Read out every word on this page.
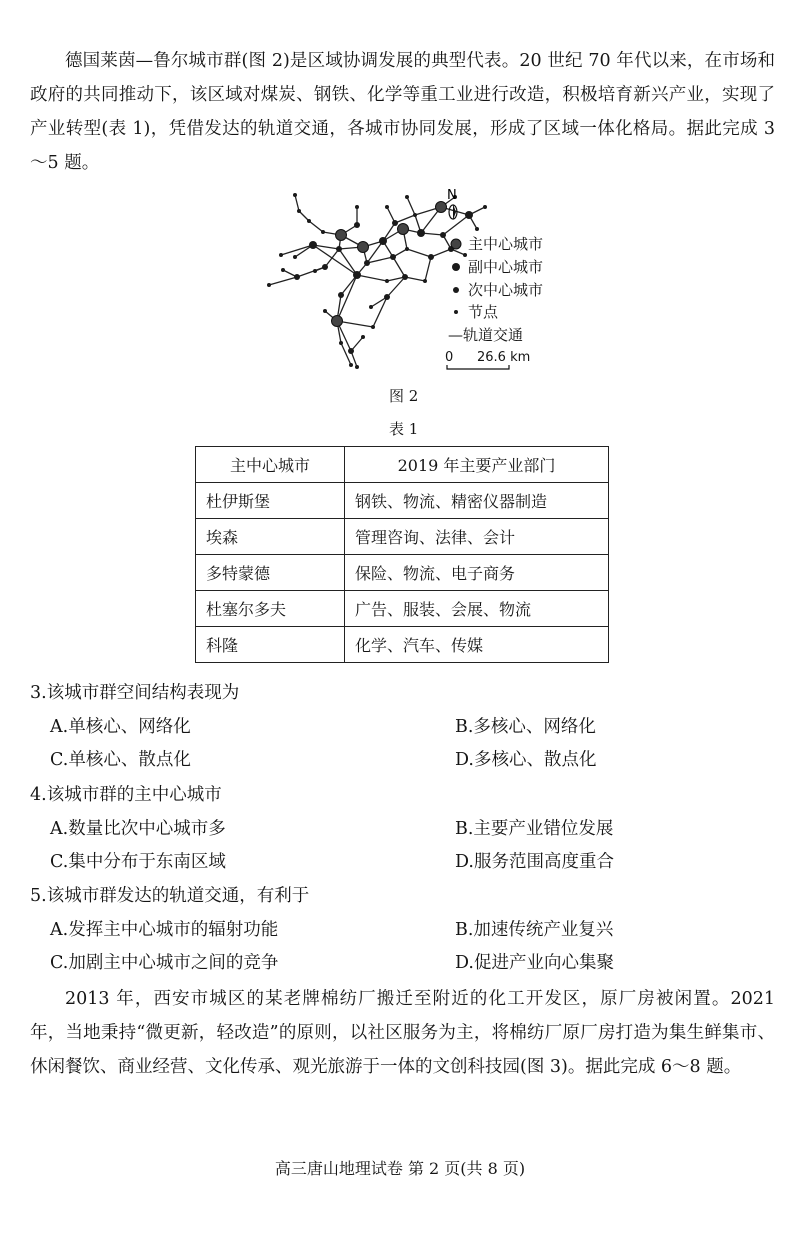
德国莱茵—鲁尔城市群(图 2)是区域协调发展的典型代表。20 世纪 70 年代以来，在市场和政府的共同推动下，该区域对煤炭、钢铁、化学等重工业进行改造，积极培育新兴产业，实现了产业转型(表 1)，凭借发达的轨道交通，各城市协同发展，形成了区域一体化格局。据此完成 3～5 题。
N
主中心城市
副中心城市
次中心城市
节点
—轨道交通
0 26.6 km
图 2
表 1
主中心城市	2019 年主要产业部门
杜伊斯堡	钢铁、物流、精密仪器制造
埃森	管理咨询、法律、会计
多特蒙德	保险、物流、电子商务
杜塞尔多夫	广告、服装、会展、物流
科隆	化学、汽车、传媒
3.该城市群空间结构表现为
A.单核心、网络化	B.多核心、网络化
C.单核心、散点化	D.多核心、散点化
4.该城市群的主中心城市
A.数量比次中心城市多	B.主要产业错位发展
C.集中分布于东南区域	D.服务范围高度重合
5.该城市群发达的轨道交通，有利于
A.发挥主中心城市的辐射功能	B.加速传统产业复兴
C.加剧主中心城市之间的竞争	D.促进产业向心集聚
2013 年，西安市城区的某老牌棉纺厂搬迁至附近的化工开发区，原厂房被闲置。2021 年，当地秉持“微更新，轻改造”的原则，以社区服务为主，将棉纺厂原厂房打造为集生鲜集市、休闲餐饮、商业经营、文化传承、观光旅游于一体的文创科技园(图 3)。据此完成 6～8 题。
高三唐山地理试卷 第 2 页(共 8 页)
